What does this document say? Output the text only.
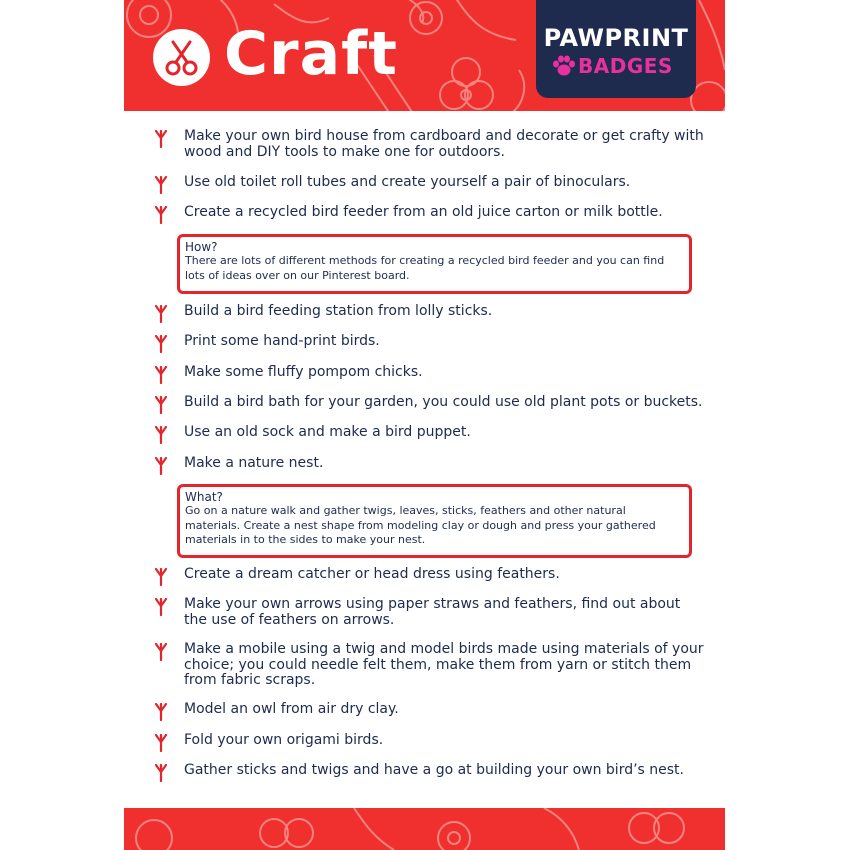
Craft	PAWPRINT
BADGES

Make your own bird house from cardboard and decorate or get crafty with wood and DIY tools to make one for outdoors.

Use old toilet roll tubes and create yourself a pair of binoculars.

Create a recycled bird feeder from an old juice carton or milk bottle.

How?
There are lots of different methods for creating a recycled bird feeder and you can find lots of ideas over on our Pinterest board.

Build a bird feeding station from lolly sticks.

Print some hand-print birds.

Make some fluffy pompom chicks.

Build a bird bath for your garden, you could use old plant pots or buckets.

Use an old sock and make a bird puppet.

Make a nature nest.

What?
Go on a nature walk and gather twigs, leaves, sticks, feathers and other natural materials. Create a nest shape from modeling clay or dough and press your gathered materials in to the sides to make your nest.

Create a dream catcher or head dress using feathers.

Make your own arrows using paper straws and feathers, find out about the use of feathers on arrows.

Make a mobile using a twig and model birds made using materials of your choice; you could needle felt them, make them from yarn or stitch them from fabric scraps.

Model an owl from air dry clay.

Fold your own origami birds.

Gather sticks and twigs and have a go at building your own bird’s nest.
